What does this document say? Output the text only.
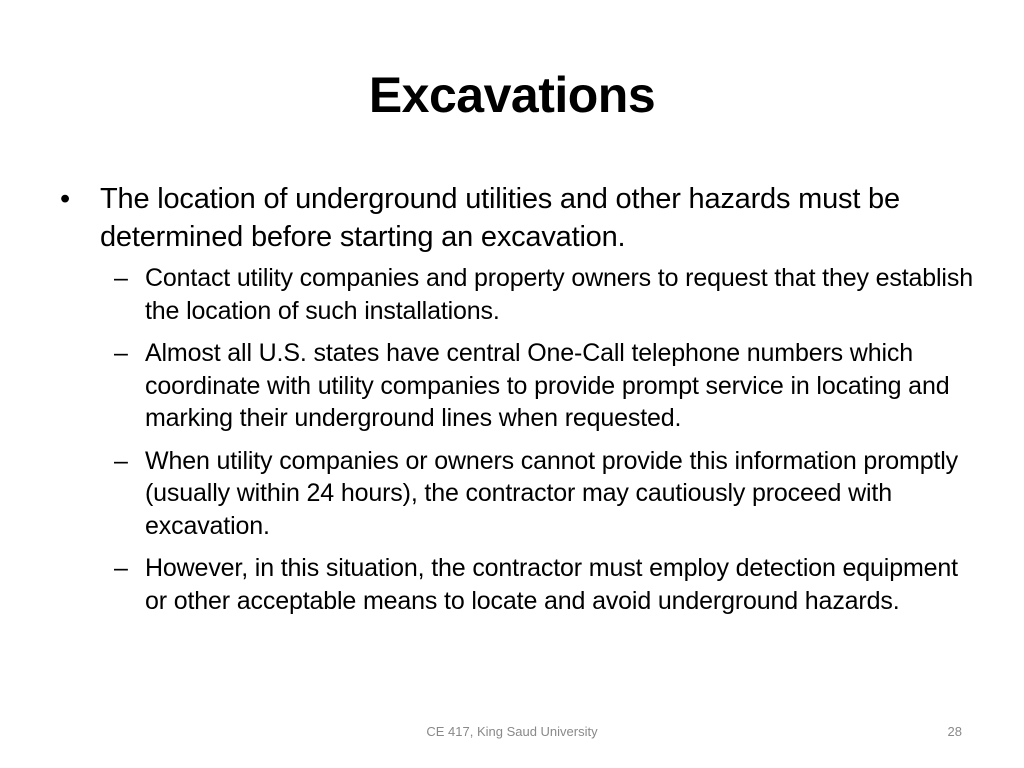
Excavations
• The location of underground utilities and other hazards must be determined before starting an excavation.
– Contact utility companies and property owners to request that they establish the location of such installations.
– Almost all U.S. states have central One-Call telephone numbers which coordinate with utility companies to provide prompt service in locating and marking their underground lines when requested.
– When utility companies or owners cannot provide this information promptly (usually within 24 hours), the contractor may cautiously proceed with excavation.
– However, in this situation, the contractor must employ detection equipment or other acceptable means to locate and avoid underground hazards.
CE 417, King Saud University	28
